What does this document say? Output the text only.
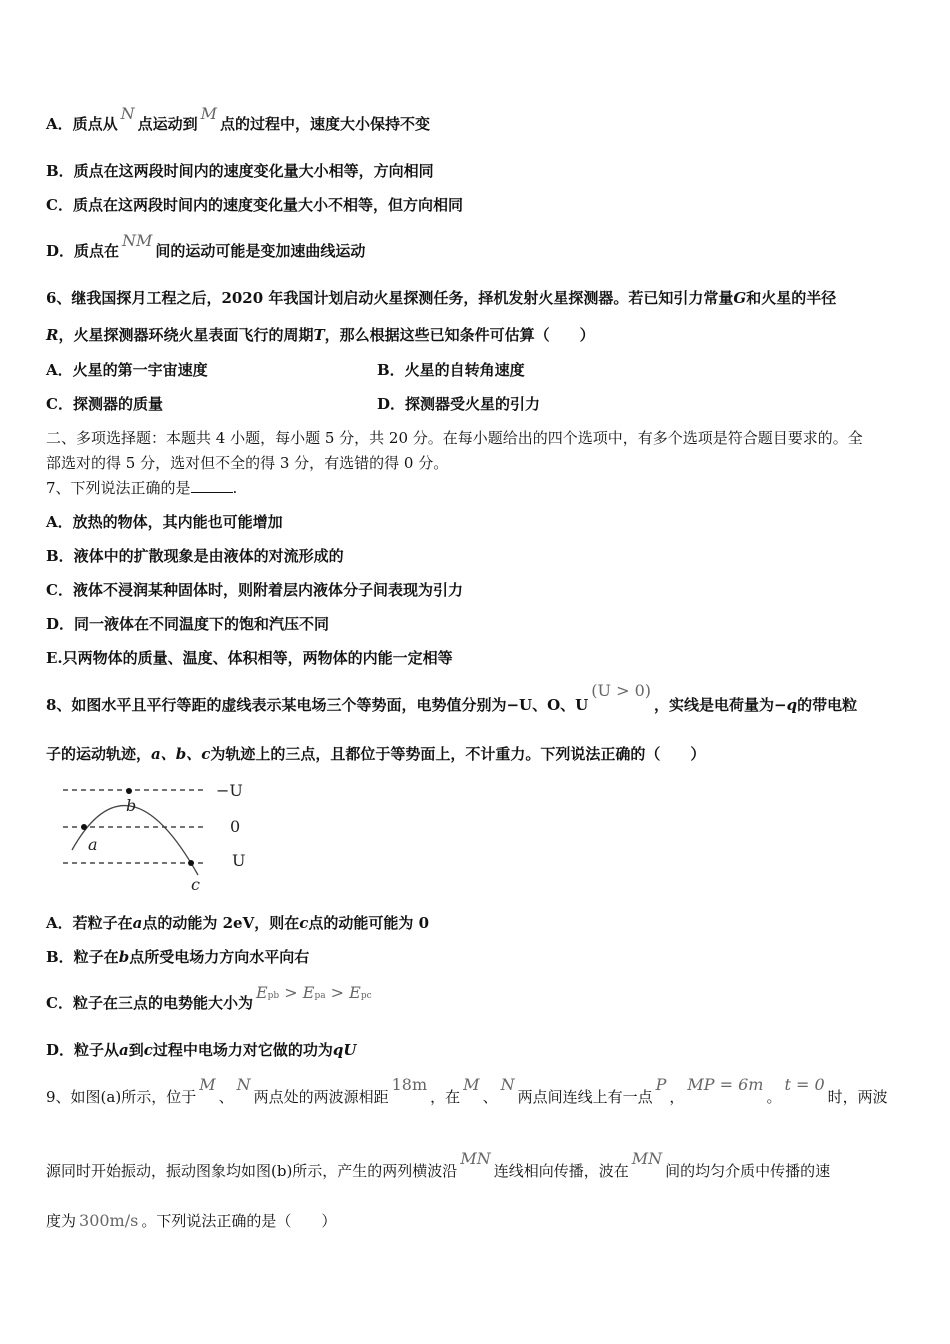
A．质点从N点运动到M点的过程中，速度大小保持不变
B．质点在这两段时间内的速度变化量大小相等，方向相同
C．质点在这两段时间内的速度变化量大小不相等，但方向相同
D．质点在NM间的运动可能是变加速曲线运动
6、继我国探月工程之后，2020 年我国计划启动火星探测任务，择机发射火星探测器。若已知引力常量G和火星的半径
R，火星探测器环绕火星表面飞行的周期T，那么根据这些已知条件可估算（　　）
A．火星的第一宇宙速度	B．火星的自转角速度
C．探测器的质量	D．探测器受火星的引力
二、多项选择题：本题共 4 小题，每小题 5 分，共 20 分。在每小题给出的四个选项中，有多个选项是符合题目要求的。全
部选对的得 5 分，选对但不全的得 3 分，有选错的得 0 分。
7、下列说法正确的是	.
A．放热的物体，其内能也可能增加
B．液体中的扩散现象是由液体的对流形成的
C．液体不浸润某种固体时，则附着层内液体分子间表现为引力
D．同一液体在不同温度下的饱和汽压不同
E.只两物体的质量、温度、体积相等，两物体的内能一定相等
8、如图水平且平行等距的虚线表示某电场三个等势面，电势值分别为−U、O、U(U > 0)，实线是电荷量为−q的带电粒
子的运动轨迹，a、b、c为轨迹上的三点，且都位于等势面上，不计重力。下列说法正确的（　　）
−U
0
U
a
b
c
A．若粒子在a点的动能为 2eV，则在c点的动能可能为 0
B．粒子在b点所受电场力方向水平向右
C．粒子在三点的电势能大小为Epb > Epa > Epc
D．粒子从a到c过程中电场力对它做的功为qU
9、如图(a)所示，位于M、N两点处的两波源相距18m，在M、N两点间连线上有一点P，MP = 6m。t = 0时，两波
源同时开始振动，振动图象均如图(b)所示，产生的两列横波沿MN连线相向传播，波在MN间的均匀介质中传播的速
度为 300m/s 。下列说法正确的是（　　）
